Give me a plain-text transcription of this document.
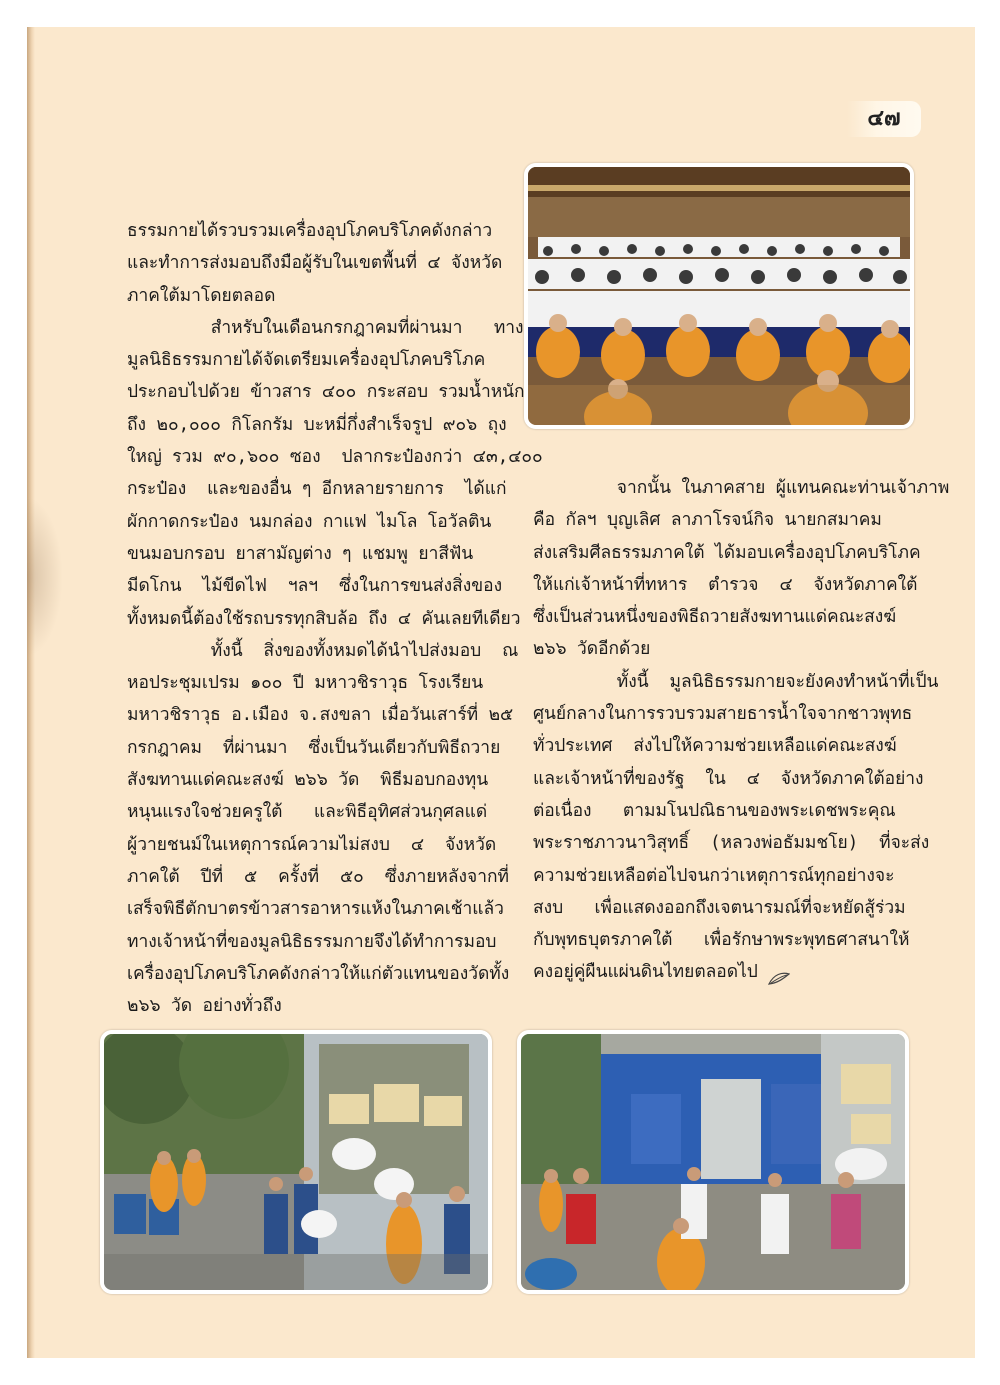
๔๗
ธรรมกายได้รวบรวมเครื่องอุปโภคบริโภคดังกล่าว
และทำการส่งมอบถึงมือผู้รับในเขตพื้นที่ ๔ จังหวัด
ภาคใต้มาโดยตลอด
สำหรับในเดือนกรกฎาคมที่ผ่านมา   ทาง
มูลนิธิธรรมกายได้จัดเตรียมเครื่องอุปโภคบริโภค
ประกอบไปด้วย ข้าวสาร ๔๐๐ กระสอบ รวมน้ำหนัก
ถึง ๒๐,๐๐๐ กิโลกรัม บะหมี่กึ่งสำเร็จรูป ๙๐๖ ถุง
ใหญ่ รวม ๙๐,๖๐๐ ซอง  ปลากระป๋องกว่า ๔๓,๔๐๐
กระป๋อง  และของอื่น ๆ อีกหลายรายการ  ได้แก่
ผักกาดกระป๋อง นมกล่อง กาแฟ ไมโล โอวัลติน
ขนมอบกรอบ ยาสามัญต่าง ๆ แชมพู ยาสีฟัน
มีดโกน  ไม้ขีดไฟ  ฯลฯ  ซึ่งในการขนส่งสิ่งของ
ทั้งหมดนี้ต้องใช้รถบรรทุกสิบล้อ ถึง ๔ คันเลยทีเดียว
ทั้งนี้  สิ่งของทั้งหมดได้นำไปส่งมอบ  ณ
หอประชุมเปรม ๑๐๐ ปี มหาวชิราวุธ โรงเรียน
มหาวชิราวุธ อ.เมือง จ.สงขลา เมื่อวันเสาร์ที่ ๒๕
กรกฎาคม  ที่ผ่านมา  ซึ่งเป็นวันเดียวกับพิธีถวาย
สังฆทานแด่คณะสงฆ์ ๒๖๖ วัด  พิธีมอบกองทุน
หนุนแรงใจช่วยครูใต้   และพิธีอุทิศส่วนกุศลแด่
ผู้วายชนม์ในเหตุการณ์ความไม่สงบ  ๔  จังหวัด
ภาคใต้  ปีที่  ๕  ครั้งที่  ๕๐  ซึ่งภายหลังจากที่
เสร็จพิธีตักบาตรข้าวสารอาหารแห้งในภาคเช้าแล้ว
ทางเจ้าหน้าที่ของมูลนิธิธรรมกายจึงได้ทำการมอบ
เครื่องอุปโภคบริโภคดังกล่าวให้แก่ตัวแทนของวัดทั้ง
๒๖๖ วัด อย่างทั่วถึง
จากนั้น ในภาคสาย ผู้แทนคณะท่านเจ้าภาพ
คือ กัลฯ บุญเลิศ ลาภาโรจน์กิจ นายกสมาคม
ส่งเสริมศีลธรรมภาคใต้ ได้มอบเครื่องอุปโภคบริโภค
ให้แก่เจ้าหน้าที่ทหาร  ตำรวจ  ๔  จังหวัดภาคใต้
ซึ่งเป็นส่วนหนึ่งของพิธีถวายสังฆทานแด่คณะสงฆ์
๒๖๖ วัดอีกด้วย
ทั้งนี้  มูลนิธิธรรมกายจะยังคงทำหน้าที่เป็น
ศูนย์กลางในการรวบรวมสายธารน้ำใจจากชาวพุทธ
ทั่วประเทศ  ส่งไปให้ความช่วยเหลือแด่คณะสงฆ์
และเจ้าหน้าที่ของรัฐ  ใน  ๔  จังหวัดภาคใต้อย่าง
ต่อเนื่อง   ตามมโนปณิธานของพระเดชพระคุณ
พระราชภาวนาวิสุทธิ์  (หลวงพ่อธัมมชโย)  ที่จะส่ง
ความช่วยเหลือต่อไปจนกว่าเหตุการณ์ทุกอย่างจะ
สงบ   เพื่อแสดงออกถึงเจตนารมณ์ที่จะหยัดสู้ร่วม
กับพุทธบุตรภาคใต้   เพื่อรักษาพระพุทธศาสนาให้
คงอยู่คู่ผืนแผ่นดินไทยตลอดไป
